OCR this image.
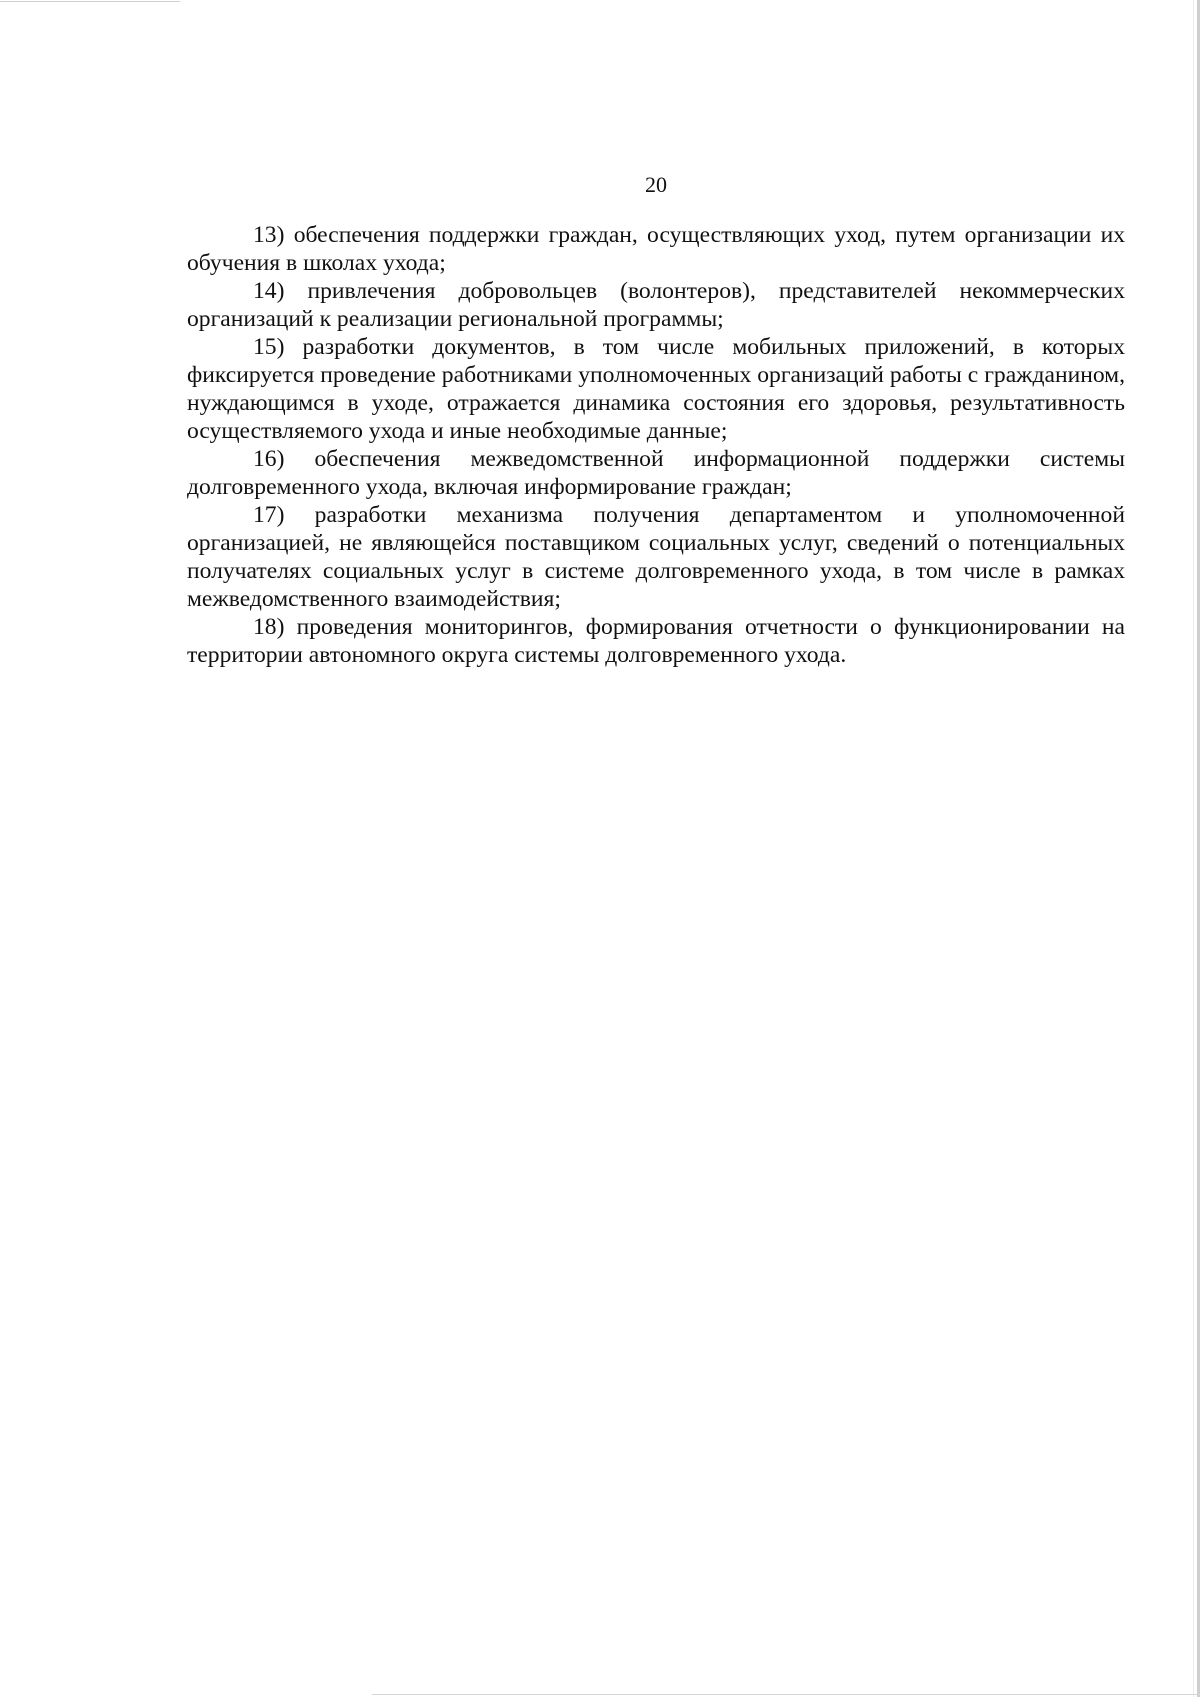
20

13) обеспечения поддержки граждан, осуществляющих уход, путем организации их обучения в школах ухода;

14) привлечения добровольцев (волонтеров), представителей некоммерческих организаций к реализации региональной программы;

15) разработки документов, в том числе мобильных приложений, в которых фиксируется проведение работниками уполномоченных организаций работы с гражданином, нуждающимся в уходе, отражается динамика состояния его здоровья, результативность осуществляемого ухода и иные необходимые данные;

16) обеспечения межведомственной информационной поддержки системы долговременного ухода, включая информирование граждан;

17) разработки механизма получения департаментом и уполномоченной организацией, не являющейся поставщиком социальных услуг, сведений о потенциальных получателях социальных услуг в системе долговременного ухода, в том числе в рамках межведомственного взаимодействия;

18) проведения мониторингов, формирования отчетности о функционировании на территории автономного округа системы долговременного ухода.
